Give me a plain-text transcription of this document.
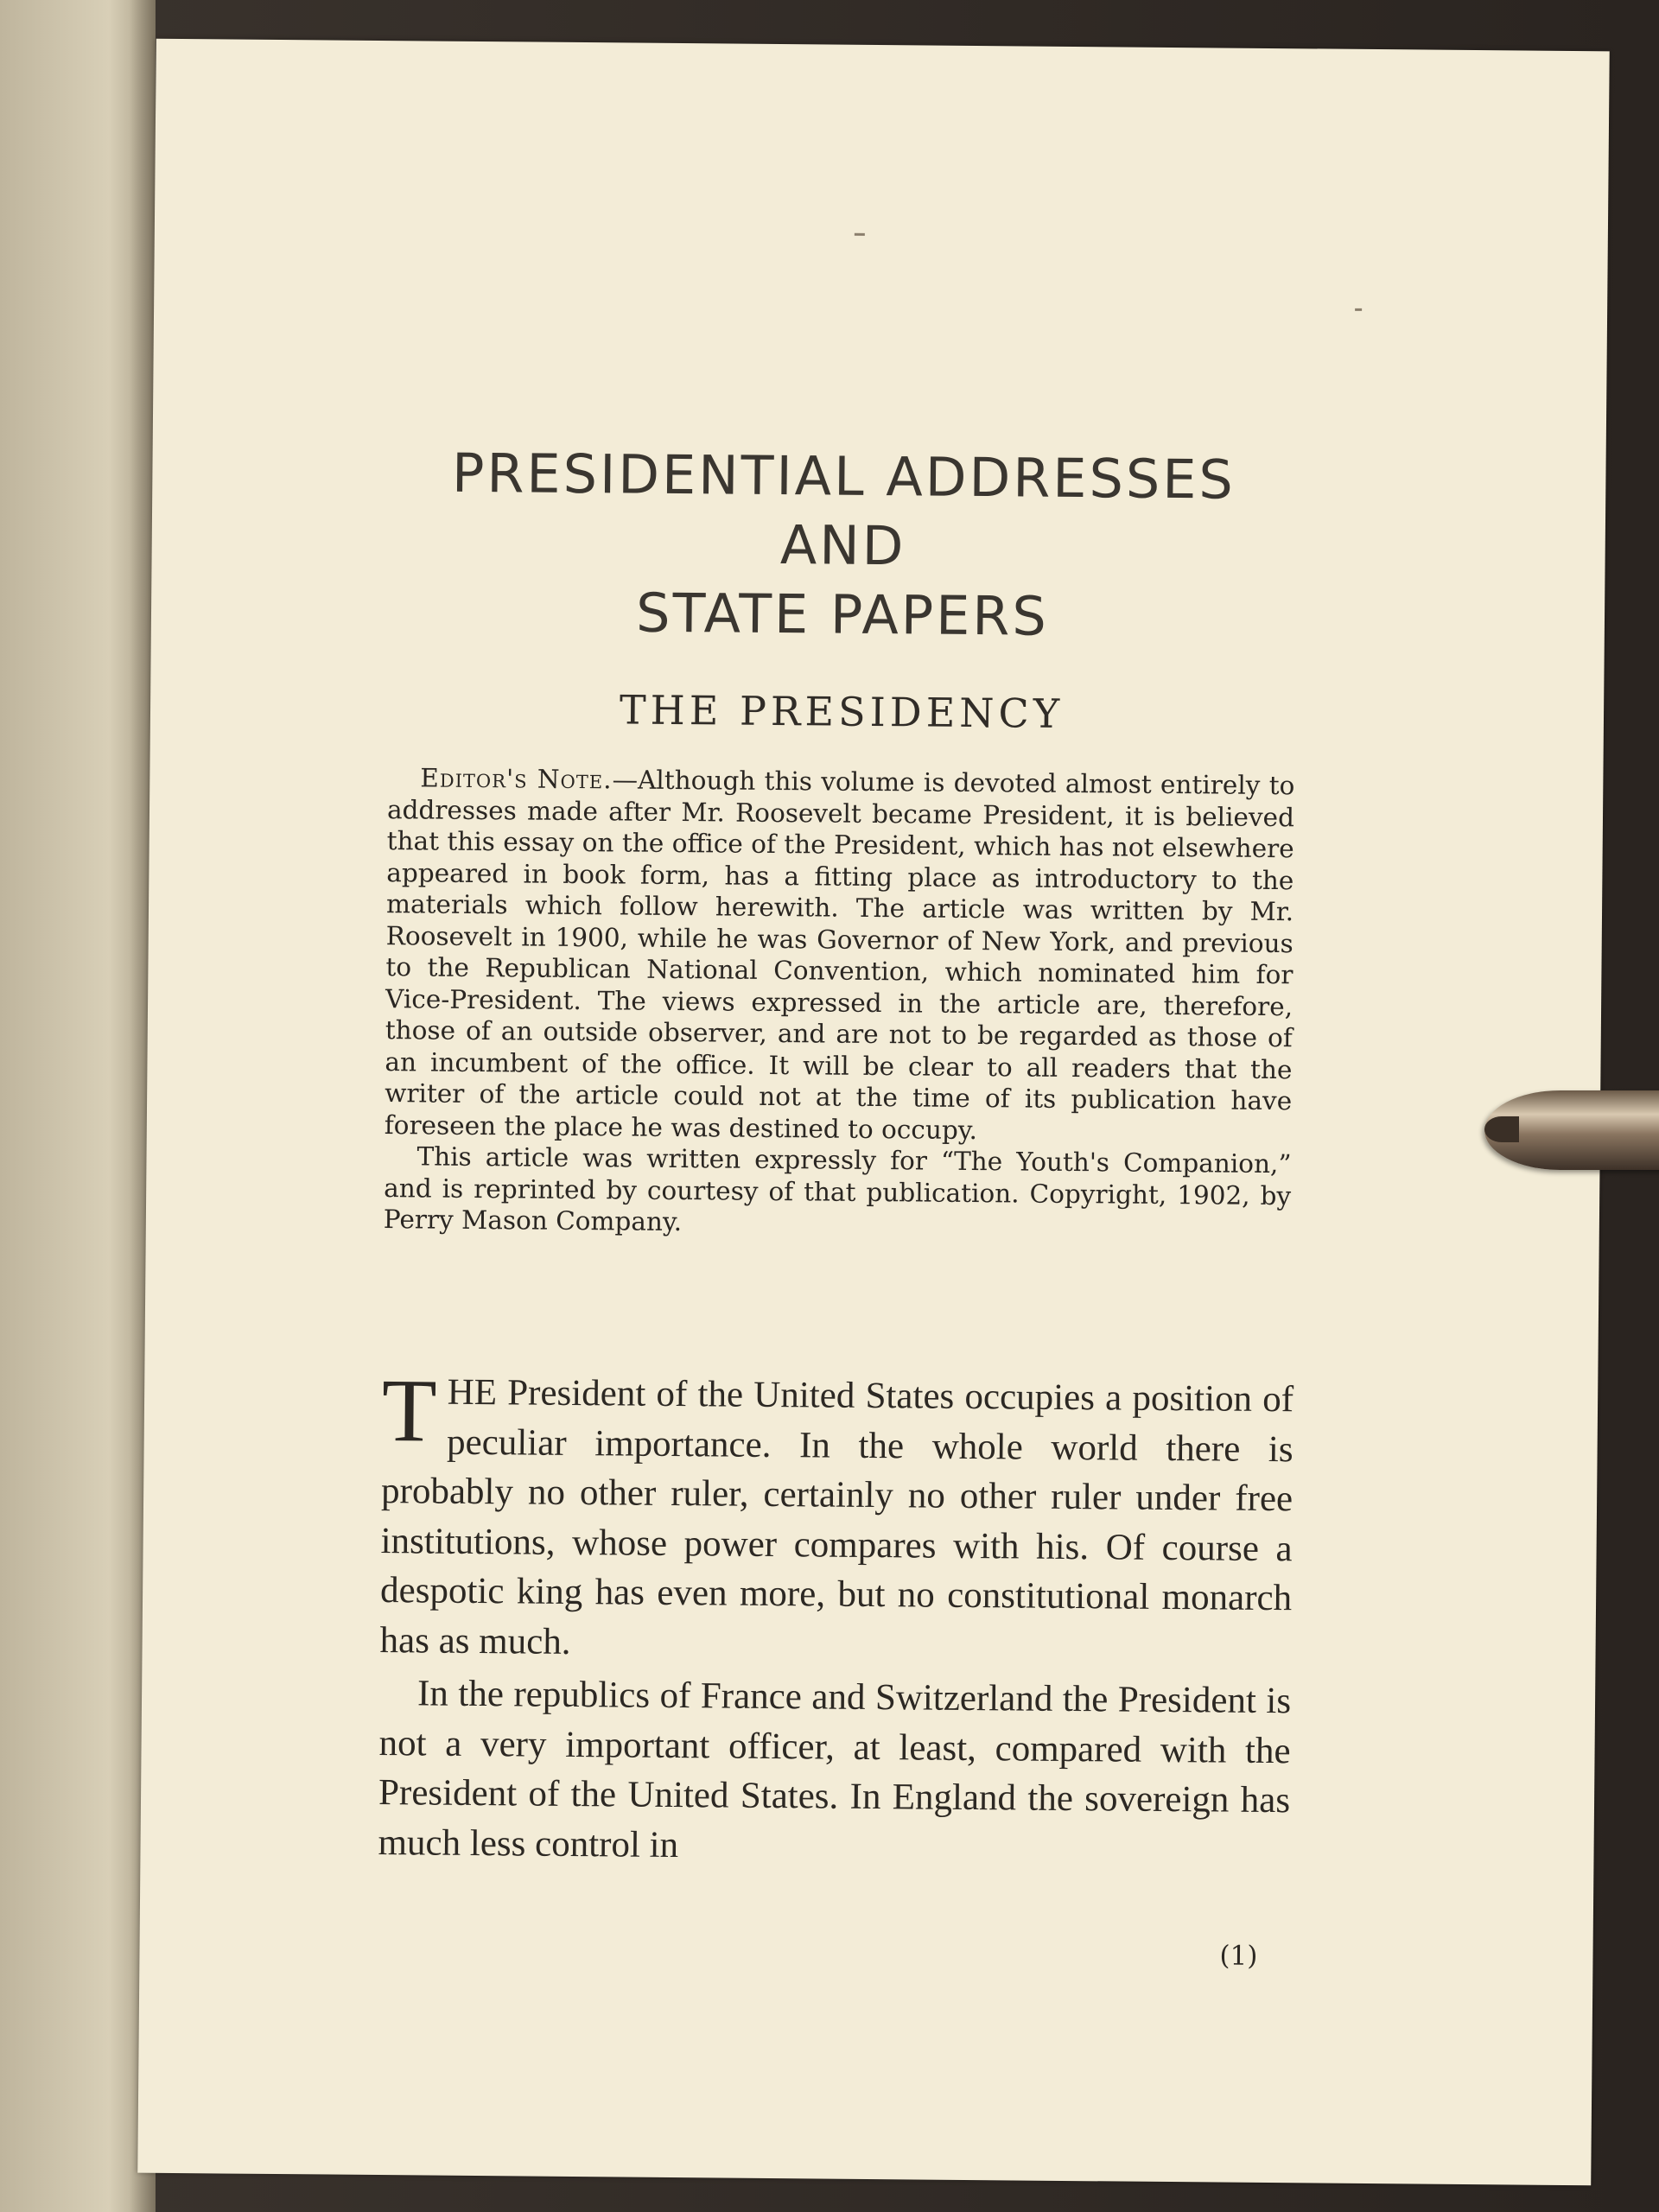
PRESIDENTIAL ADDRESSES AND
STATE PAPERS
THE PRESIDENCY

Editor's Note.—Although this volume is devoted almost entirely to addresses made after Mr. Roosevelt became President, it is believed that this essay on the office of the President, which has not elsewhere appeared in book form, has a fitting place as introductory to the materials which follow herewith. The article was written by Mr. Roosevelt in 1900, while he was Governor of New York, and previous to the Republican National Convention, which nominated him for Vice-President. The views expressed in the article are, therefore, those of an outside observer, and are not to be regarded as those of an incumbent of the office. It will be clear to all readers that the writer of the article could not at the time of its publication have foreseen the place he was destined to occupy.

This article was written expressly for “The Youth's Companion,” and is reprinted by courtesy of that publication. Copyright, 1902, by Perry Mason Company.

THE President of the United States occupies a position of peculiar importance. In the whole world there is probably no other ruler, certainly no other ruler under free institutions, whose power compares with his. Of course a despotic king has even more, but no constitutional monarch has as much.

In the republics of France and Switzerland the President is not a very important officer, at least, compared with the President of the United States. In England the sovereign has much less control in

(1)
